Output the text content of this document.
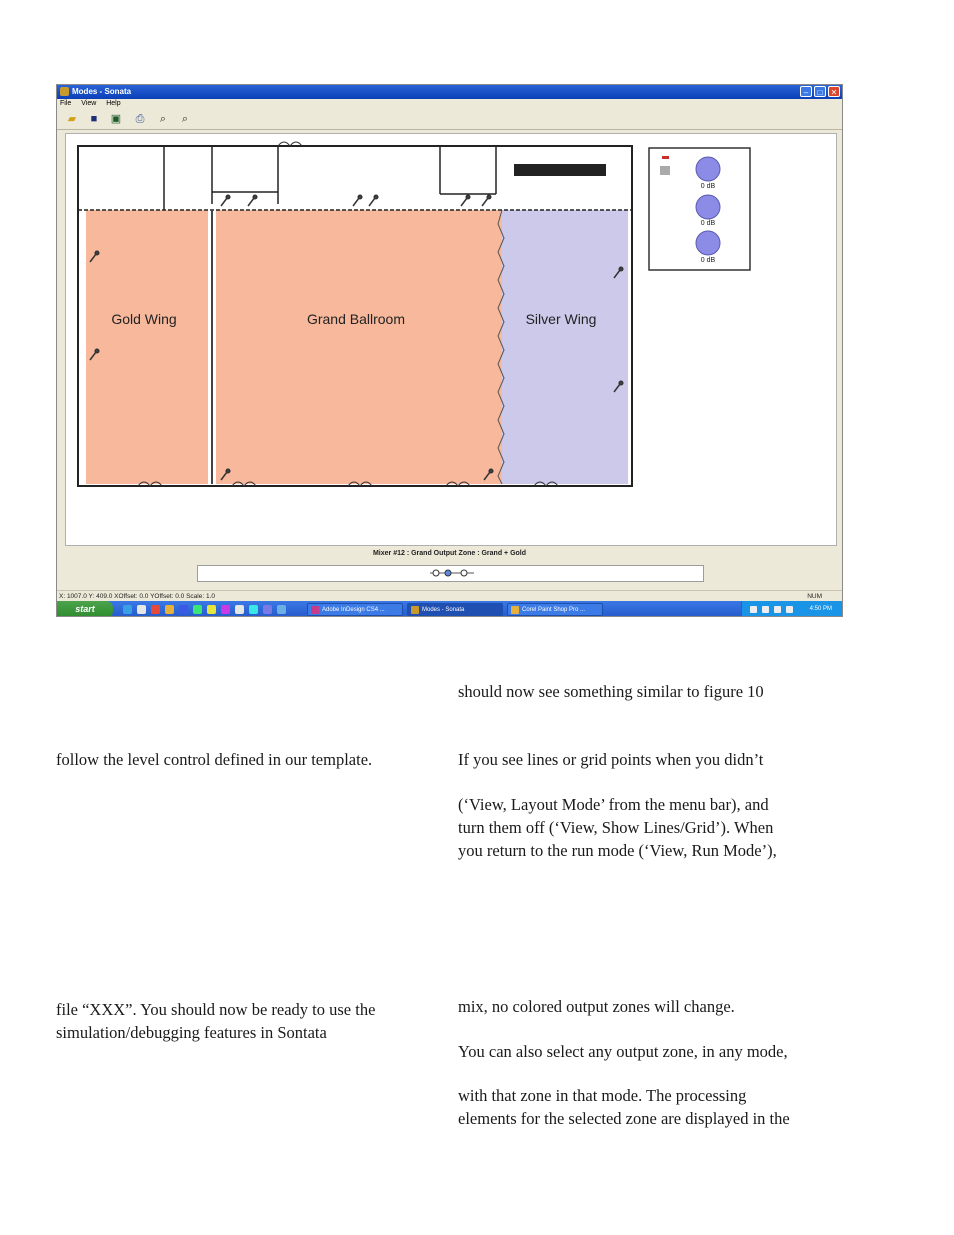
Modes - Sonata	–	□	✕
File View Help
▰	■	▣ ⎙	⌕	⌕
Gold Wing	Grand Ballroom	Silver Wing
0 dB
0 dB
0 dB
Mixer #12 : Grand Output Zone : Grand + Gold
X: 1007.0 Y: 409.0 XOffset: 0.0 YOffset: 0.0 Scale: 1.0	NUM
start	Adobe InDesign CS4 ...	Modes - Sonata	Corel Paint Shop Pro ...	4:50 PM
should now see something similar to figure 10
follow the level control defined in our template.	If you see lines or grid points when you didn’t
(‘View, Layout Mode’ from the menu bar), and
turn them off (‘View, Show Lines/Grid’). When
you return to the run mode (‘View, Run Mode’),
file “XXX”. You should now be ready to use the	mix, no colored output zones will change.
simulation/debugging features in Sontata
You can also select any output zone, in any mode,
with that zone in that mode. The processing
elements for the selected zone are displayed in the
